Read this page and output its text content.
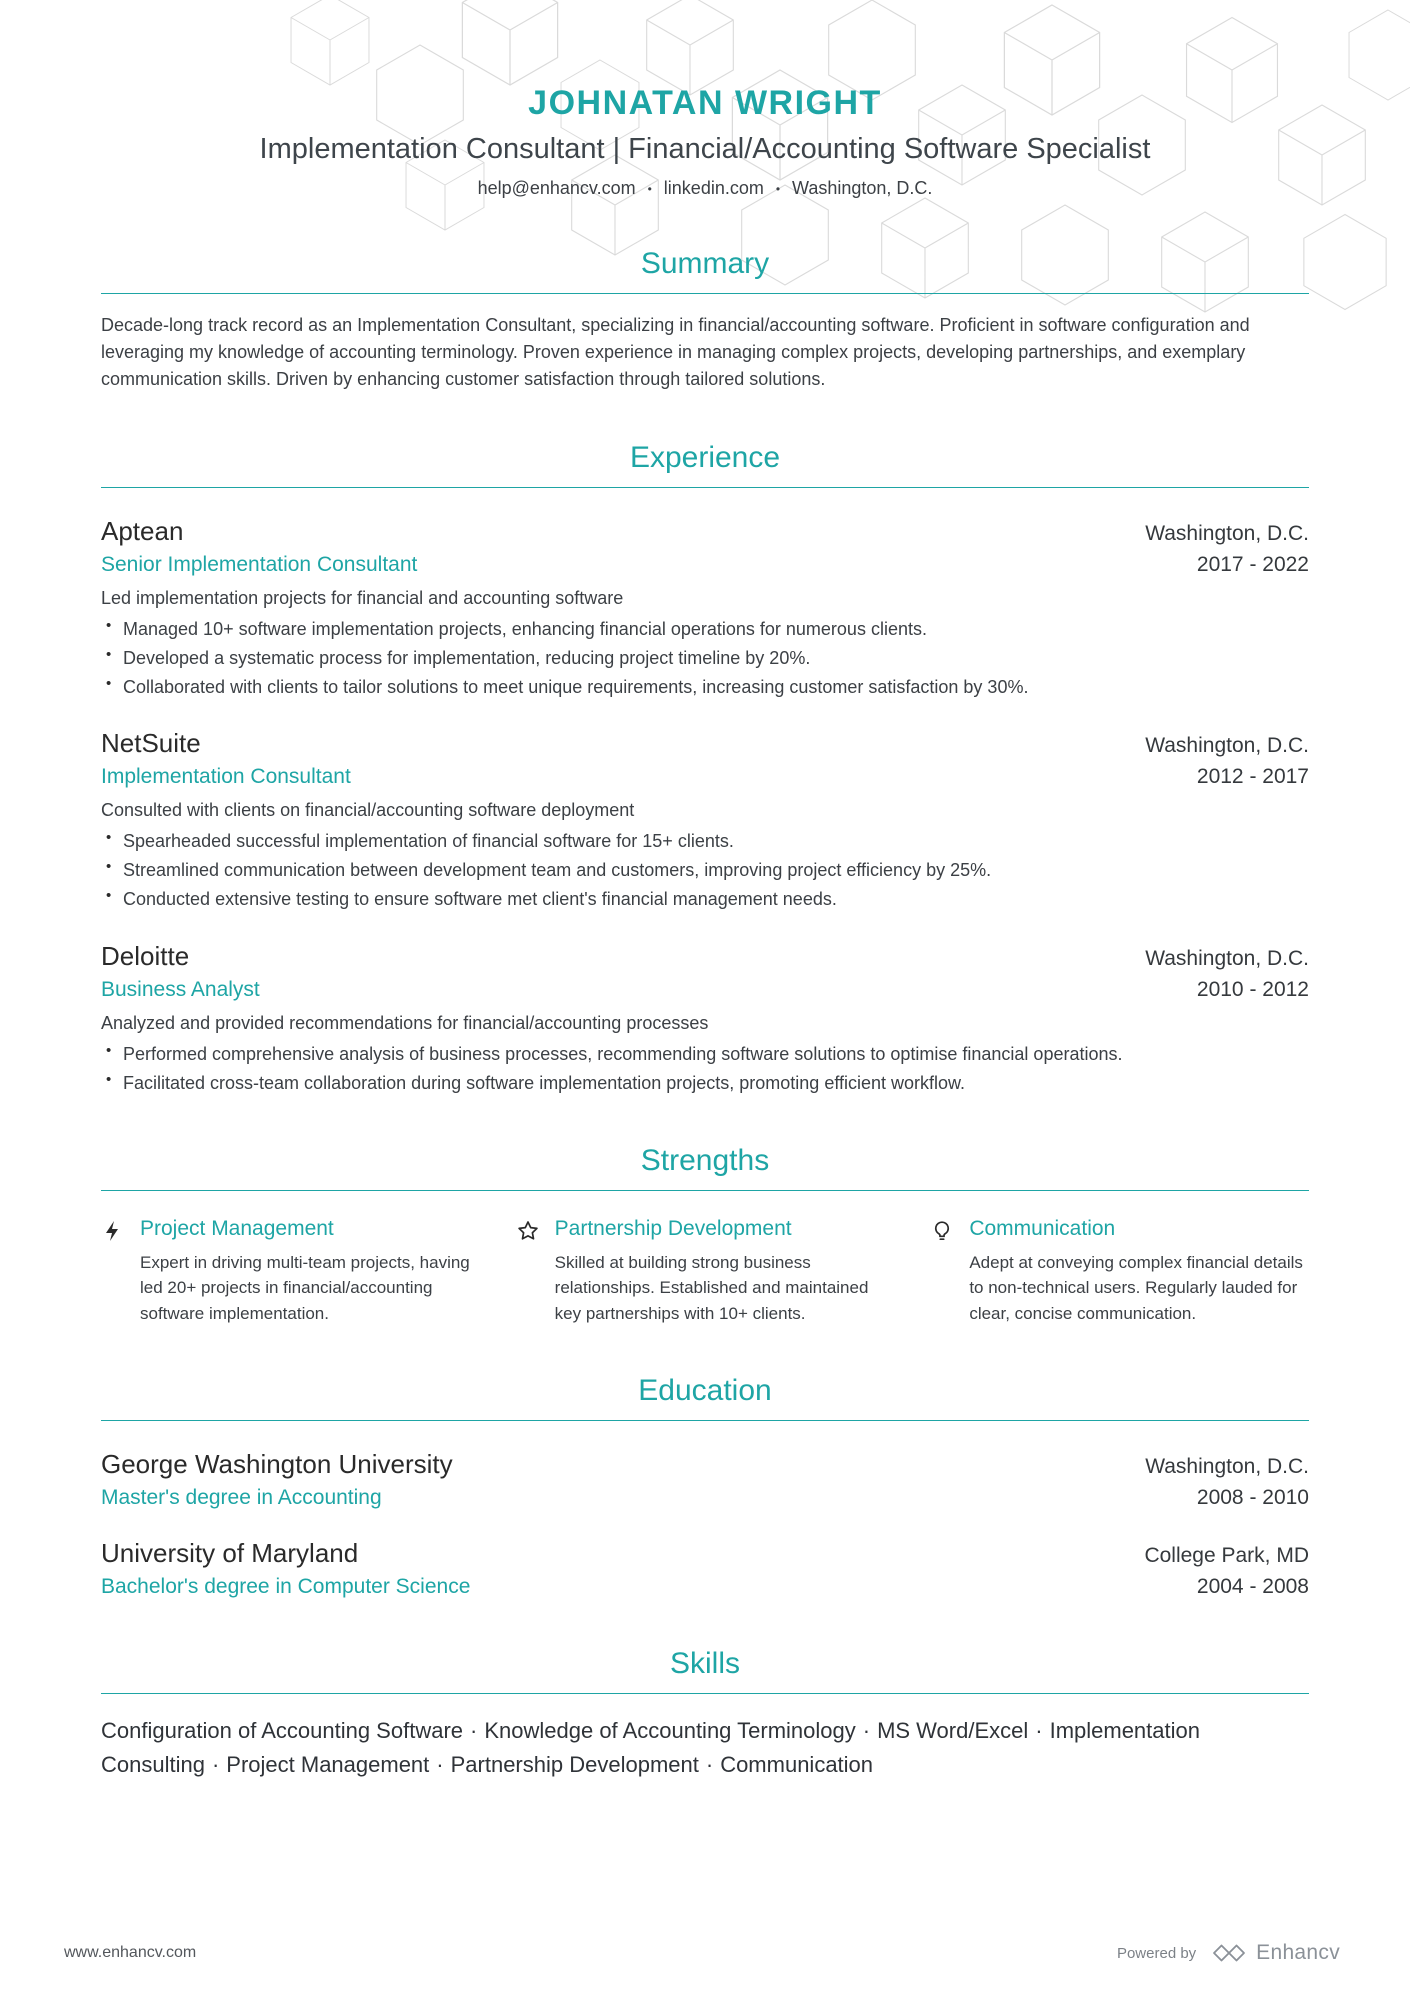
JOHNATAN WRIGHT
Implementation Consultant | Financial/Accounting Software Specialist
help@enhancv.com • linkedin.com • Washington, D.C.
Summary

Decade-long track record as an Implementation Consultant, specializing in financial/accounting software. Proficient in software configuration and leveraging my knowledge of accounting terminology. Proven experience in managing complex projects, developing partnerships, and exemplary communication skills. Driven by enhancing customer satisfaction through tailored solutions.

Experience
Aptean	Washington, D.C.
Senior Implementation Consultant	2017 - 2022

Led implementation projects for financial and accounting software

• Managed 10+ software implementation projects, enhancing financial operations for numerous clients.
• Developed a systematic process for implementation, reducing project timeline by 20%.
• Collaborated with clients to tailor solutions to meet unique requirements, increasing customer satisfaction by 30%.
NetSuite	Washington, D.C.
Implementation Consultant	2012 - 2017

Consulted with clients on financial/accounting software deployment

• Spearheaded successful implementation of financial software for 15+ clients.
• Streamlined communication between development team and customers, improving project efficiency by 25%.
• Conducted extensive testing to ensure software met client's financial management needs.
Deloitte	Washington, D.C.
Business Analyst	2010 - 2012

Analyzed and provided recommendations for financial/accounting processes

• Performed comprehensive analysis of business processes, recommending software solutions to optimise financial operations.
• Facilitated cross-team collaboration during software implementation projects, promoting efficient workflow.
Strengths
Project Management

Expert in driving multi-team projects, having led 20+ projects in financial/accounting software implementation.

Partnership Development

Skilled at building strong business relationships. Established and maintained key partnerships with 10+ clients.

Communication

Adept at conveying complex financial details to non-technical users. Regularly lauded for clear, concise communication.

Education
George Washington University	Washington, D.C.
Master's degree in Accounting	2008 - 2010
University of Maryland	College Park, MD
Bachelor's degree in Computer Science	2004 - 2008
Skills

Configuration of Accounting Software · Knowledge of Accounting Terminology · MS Word/Excel · Implementation Consulting · Project Management · Partnership Development · Communication

www.enhancv.com	Powered by	Enhancv
